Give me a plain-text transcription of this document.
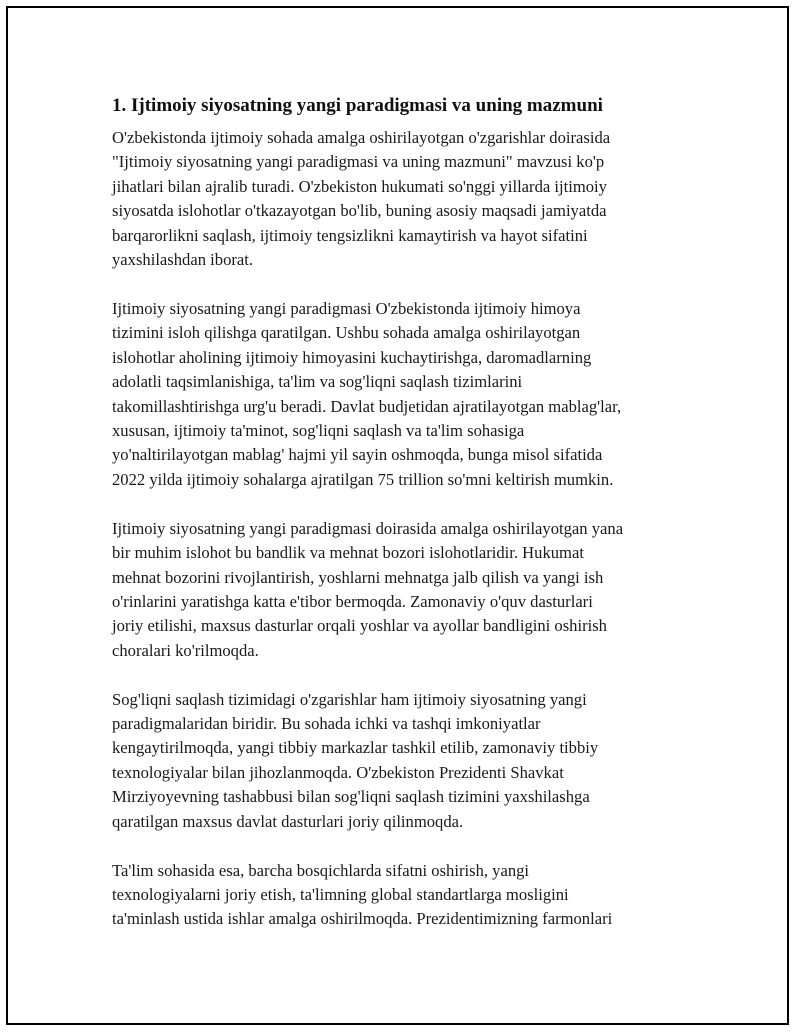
1. Ijtimoiy siyosatning yangi paradigmasi va uning mazmuni
O'zbekistonda ijtimoiy sohada amalga oshirilayotgan o'zgarishlar doirasida
"Ijtimoiy siyosatning yangi paradigmasi va uning mazmuni" mavzusi ko'p
jihatlari bilan ajralib turadi. O'zbekiston hukumati so'nggi yillarda ijtimoiy
siyosatda islohotlar o'tkazayotgan bo'lib, buning asosiy maqsadi jamiyatda
barqarorlikni saqlash, ijtimoiy tengsizlikni kamaytirish va hayot sifatini
yaxshilashdan iborat.
Ijtimoiy siyosatning yangi paradigmasi O'zbekistonda ijtimoiy himoya
tizimini isloh qilishga qaratilgan. Ushbu sohada amalga oshirilayotgan
islohotlar aholining ijtimoiy himoyasini kuchaytirishga, daromadlarning
adolatli taqsimlanishiga, ta'lim va sog'liqni saqlash tizimlarini
takomillashtirishga urg'u beradi. Davlat budjetidan ajratilayotgan mablag'lar,
xususan, ijtimoiy ta'minot, sog'liqni saqlash va ta'lim sohasiga
yo'naltirilayotgan mablag' hajmi yil sayin oshmoqda, bunga misol sifatida
2022 yilda ijtimoiy sohalarga ajratilgan 75 trillion so'mni keltirish mumkin.
Ijtimoiy siyosatning yangi paradigmasi doirasida amalga oshirilayotgan yana
bir muhim islohot bu bandlik va mehnat bozori islohotlaridir. Hukumat
mehnat bozorini rivojlantirish, yoshlarni mehnatga jalb qilish va yangi ish
o'rinlarini yaratishga katta e'tibor bermoqda. Zamonaviy o'quv dasturlari
joriy etilishi, maxsus dasturlar orqali yoshlar va ayollar bandligini oshirish
choralari ko'rilmoqda.
Sog'liqni saqlash tizimidagi o'zgarishlar ham ijtimoiy siyosatning yangi
paradigmalaridan biridir. Bu sohada ichki va tashqi imkoniyatlar
kengaytirilmoqda, yangi tibbiy markazlar tashkil etilib, zamonaviy tibbiy
texnologiyalar bilan jihozlanmoqda. O'zbekiston Prezidenti Shavkat
Mirziyoyevning tashabbusi bilan sog'liqni saqlash tizimini yaxshilashga
qaratilgan maxsus davlat dasturlari joriy qilinmoqda.
Ta'lim sohasida esa, barcha bosqichlarda sifatni oshirish, yangi
texnologiyalarni joriy etish, ta'limning global standartlarga mosligini
ta'minlash ustida ishlar amalga oshirilmoqda. Prezidentimizning farmonlari
